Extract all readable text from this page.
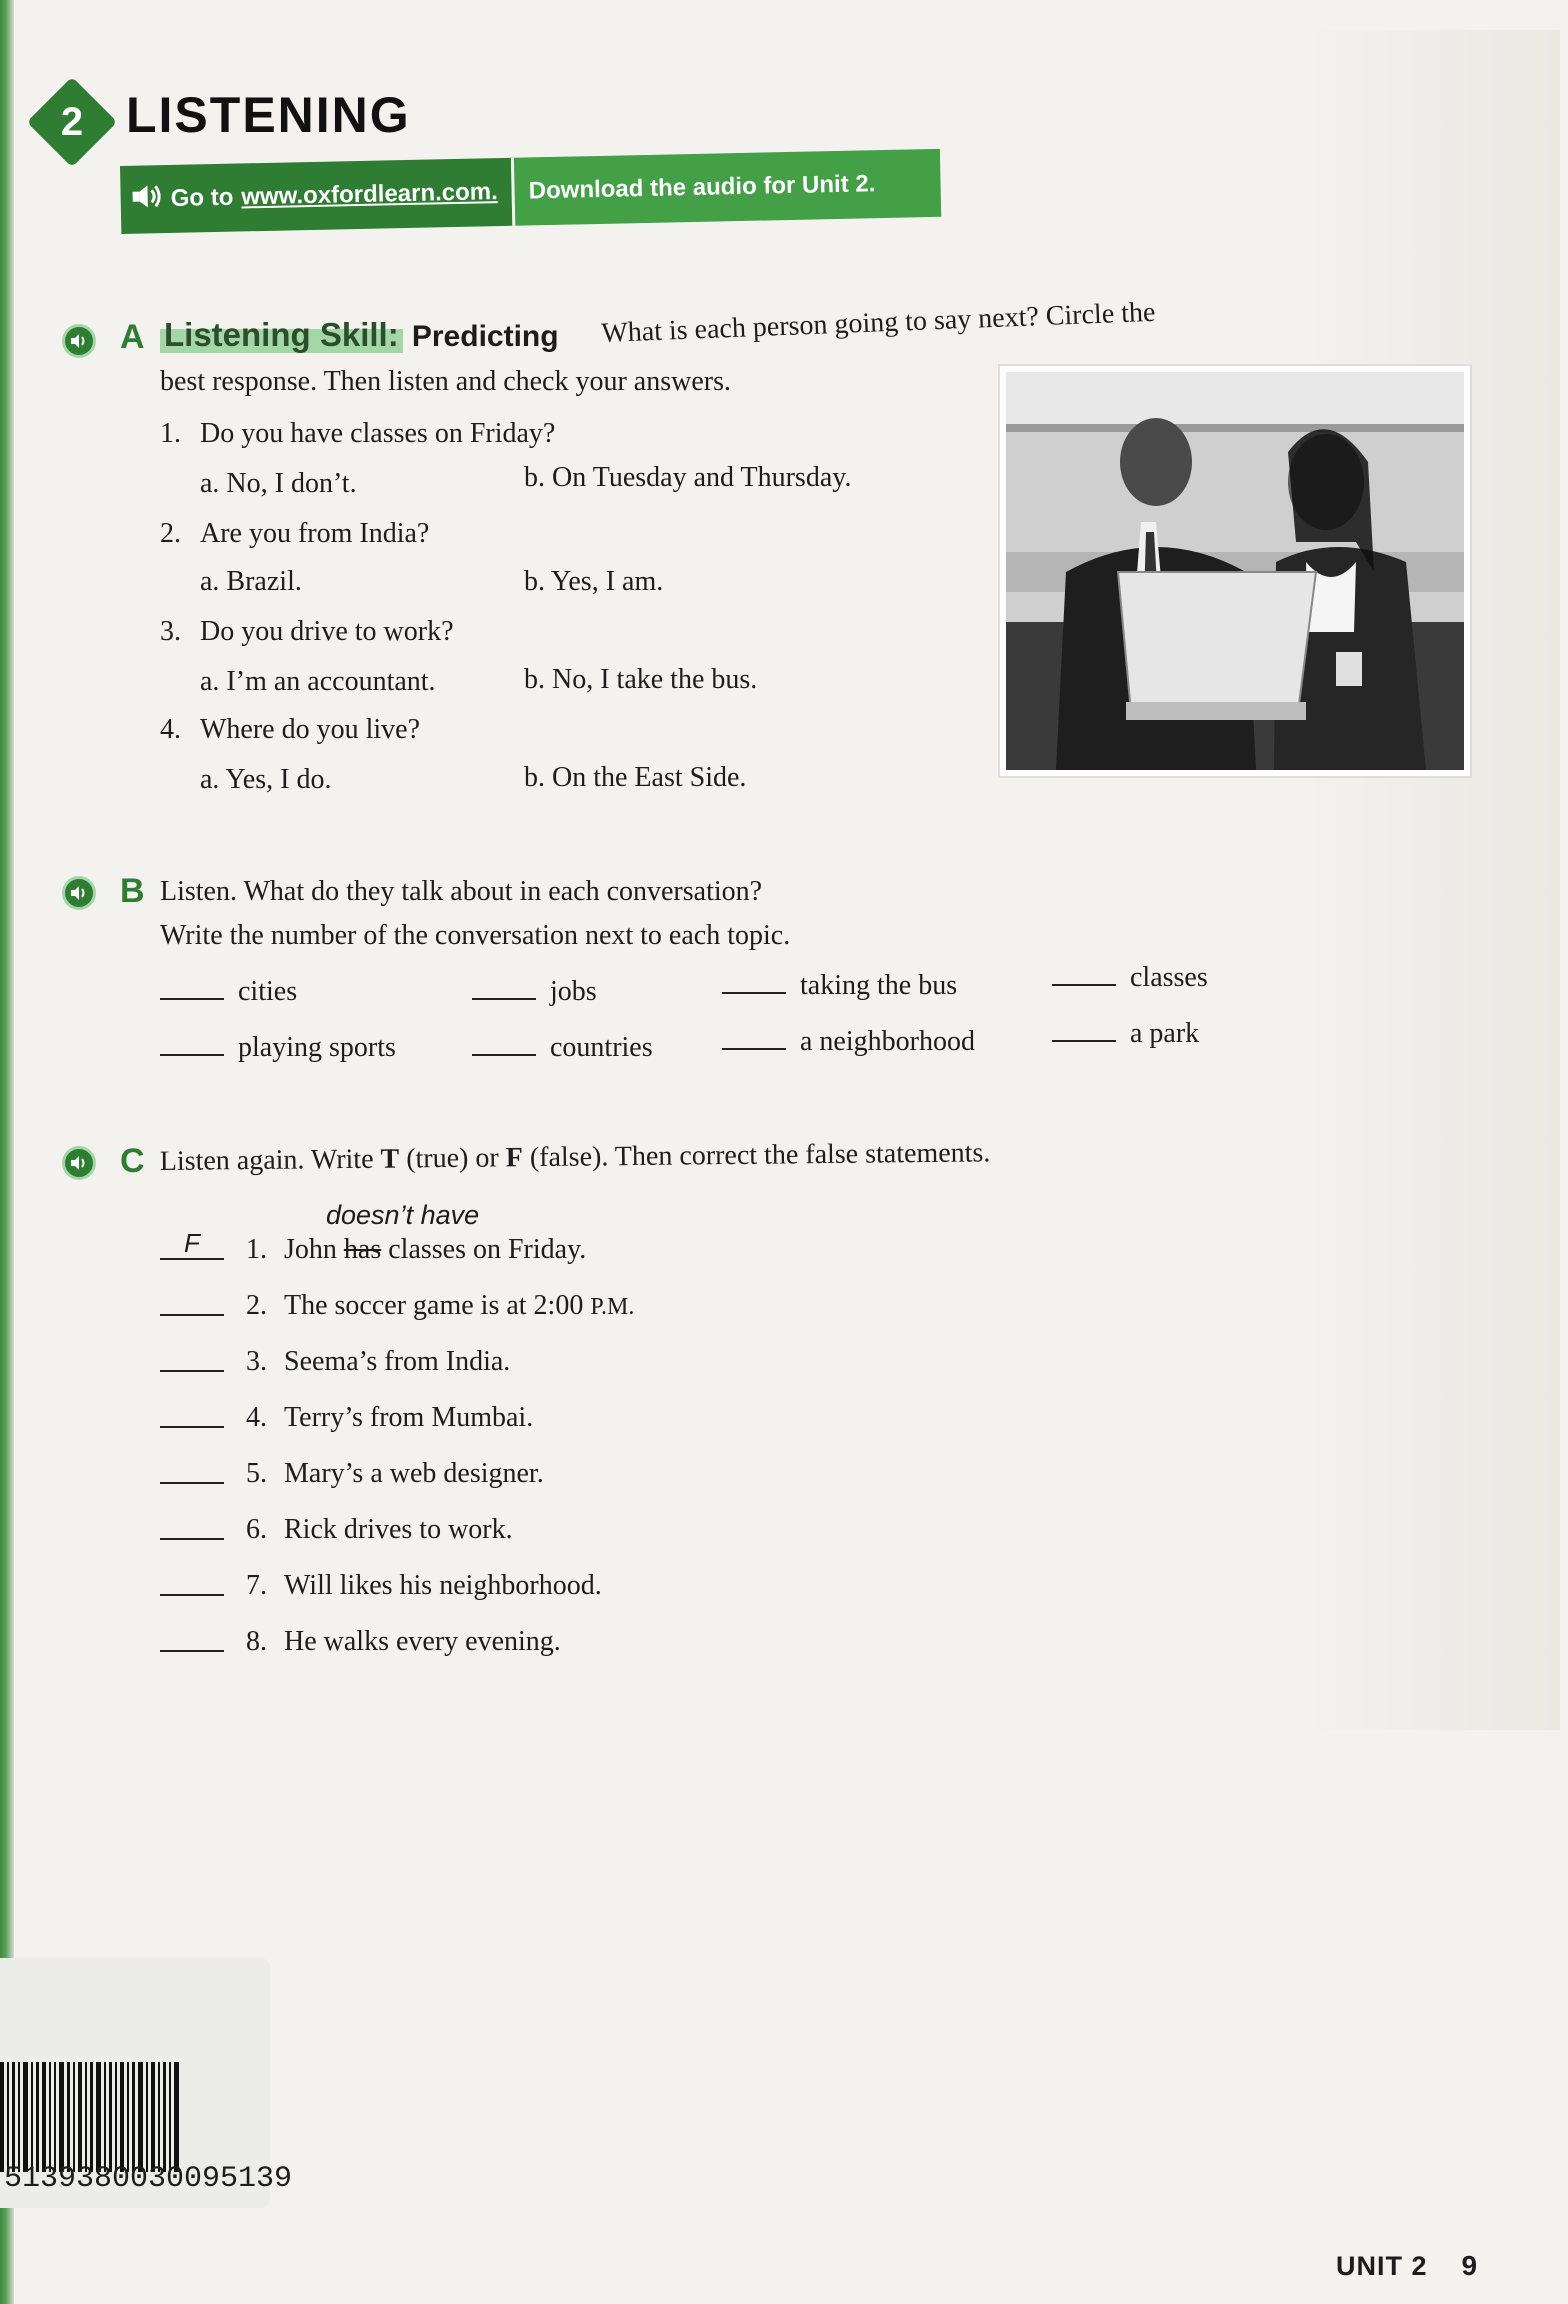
2 LISTENING
Go to www.oxfordlearn.com.	Download the audio for Unit 2.
A Listening Skill: Predicting What is each person going to say next? Circle the
best response. Then listen and check your answers.
1. Do you have classes on Friday?
a. No, I don’t.	b. On Tuesday and Thursday.
2. Are you from India?
a. Brazil.	b. Yes, I am.
3. Do you drive to work?
a. I’m an accountant.	b. No, I take the bus.
4. Where do you live?
a. Yes, I do.	b. On the East Side.
B Listen. What do they talk about in each conversation?
Write the number of the conversation next to each topic.
cities	jobs	taking the bus	classes
playing sports	countries	a neighborhood	a park
C Listen again. Write T (true) or F (false). Then correct the false statements.
doesn’t have
F 1. John has classes on Friday.
2. The soccer game is at 2:00 P.M.
3. Seema’s from India.
4. Terry’s from Mumbai.
5. Mary’s a web designer.
6. Rick drives to work.
7. Will likes his neighborhood.
8. He walks every evening.
5139380030095139
UNIT 2 9
